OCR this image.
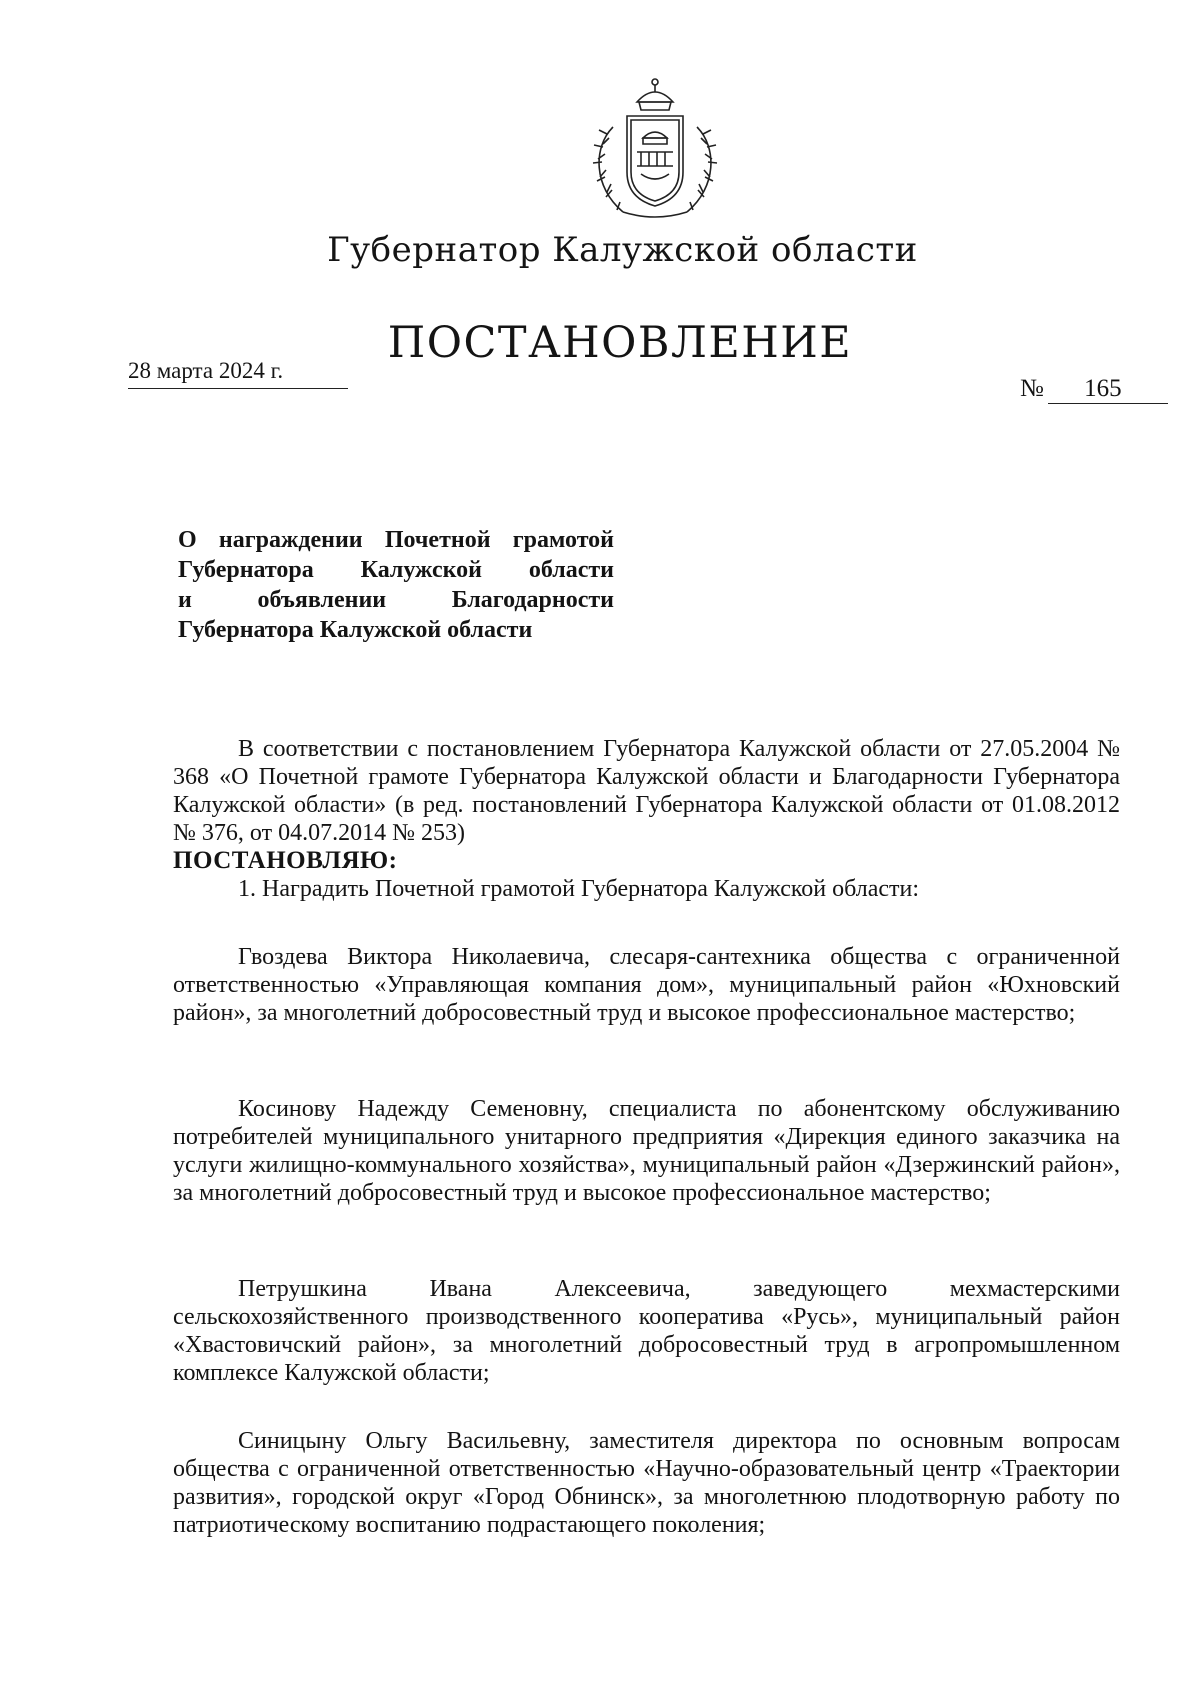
Губернатор Калужской области
ПОСТАНОВЛЕНИЕ
28 марта 2024 г.
№ 165
О награждении Почетной грамотой
Губернатора Калужской области
и объявлении Благодарности
Губернатора Калужской области
В соответствии с постановлением Губернатора Калужской области от 27.05.2004 № 368 «О Почетной грамоте Губернатора Калужской области и Благодарности Губернатора Калужской области» (в ред. постановлений Губернатора Калужской области от 01.08.2012 № 376, от 04.07.2014 № 253)
ПОСТАНОВЛЯЮ:
1. Наградить Почетной грамотой Губернатора Калужской области:
Гвоздева Виктора Николаевича, слесаря-сантехника общества с ограниченной ответственностью «Управляющая компания дом», муниципальный район «Юхновский район», за многолетний добросовестный труд и высокое профессиональное мастерство;
Косинову Надежду Семеновну, специалиста по абонентскому обслуживанию потребителей муниципального унитарного предприятия «Дирекция единого заказчика на услуги жилищно-коммунального хозяйства», муниципальный район «Дзержинский район», за многолетний добросовестный труд и высокое профессиональное мастерство;
Петрушкина Ивана Алексеевича, заведующего мехмастерскими сельскохозяйственного производственного кооператива «Русь», муниципальный район «Хвастовичский район», за многолетний добросовестный труд в агропромышленном комплексе Калужской области;
Синицыну Ольгу Васильевну, заместителя директора по основным вопросам общества с ограниченной ответственностью «Научно-образовательный центр «Траектории развития», городской округ «Город Обнинск», за многолетнюю плодотворную работу по патриотическому воспитанию подрастающего поколения;
